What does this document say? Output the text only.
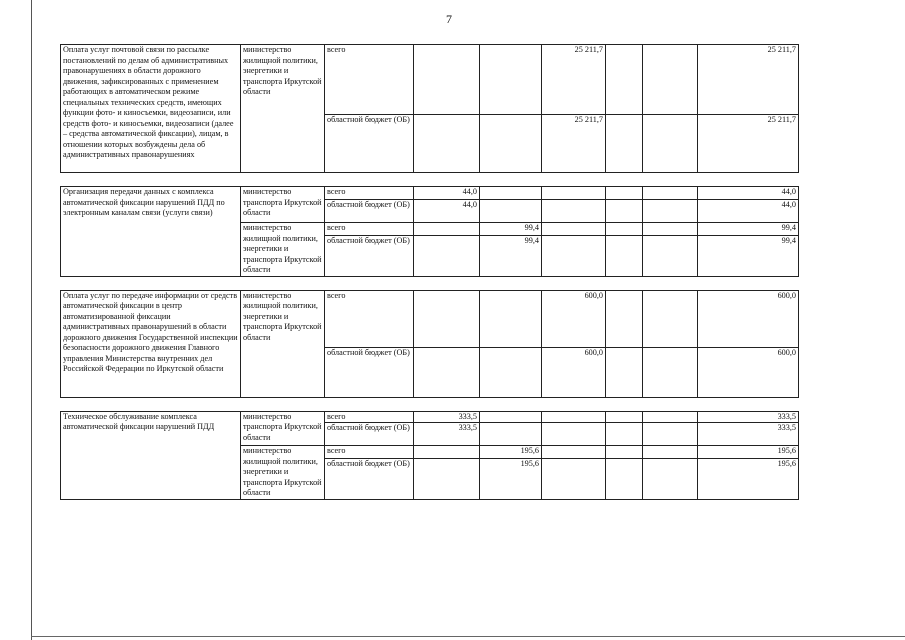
7
Оплата услуг почтовой связи по рассылке постановлений по делам об административных правонарушениях в области дорожного движения, зафиксированных с применением работающих в автоматическом режиме специальных технических средств, имеющих функции фото- и киносъемки, видеозаписи, или средств фото- и киносъемки, видеозаписи (далее – средства автоматической фиксации), лицам, в отношении которых возбуждены дела об административных правонарушениях	министерство жилищной политики, энергетики и транспорта Иркутской области	всего			25 211,7			25 211,7
		областной бюджет (ОБ)			25 211,7			25 211,7

Организация передачи данных с комплекса автоматической фиксации нарушений ПДД по электронным каналам связи (услуги связи)	министерство транспорта Иркутской области	всего	44,0					44,0
		областной бюджет (ОБ)	44,0					44,0
	министерство жилищной политики, энергетики и транспорта Иркутской области	всего		99,4				99,4
		областной бюджет (ОБ)		99,4				99,4

Оплата услуг по передаче информации от средств автоматической фиксации в центр автоматизированной фиксации административных правонарушений в области дорожного движения Государственной инспекции безопасности дорожного движения Главного управления Министерства внутренних дел Российской Федерации по Иркутской области	министерство жилищной политики, энергетики и транспорта Иркутской области	всего			600,0			600,0
		областной бюджет (ОБ)			600,0			600,0

Техническое обслуживание комплекса автоматической фиксации нарушений ПДД	министерство транспорта Иркутской области	всего	333,5					333,5
		областной бюджет (ОБ)	333,5					333,5
	министерство жилищной политики, энергетики и транспорта Иркутской области	всего		195,6				195,6
		областной бюджет (ОБ)		195,6				195,6
